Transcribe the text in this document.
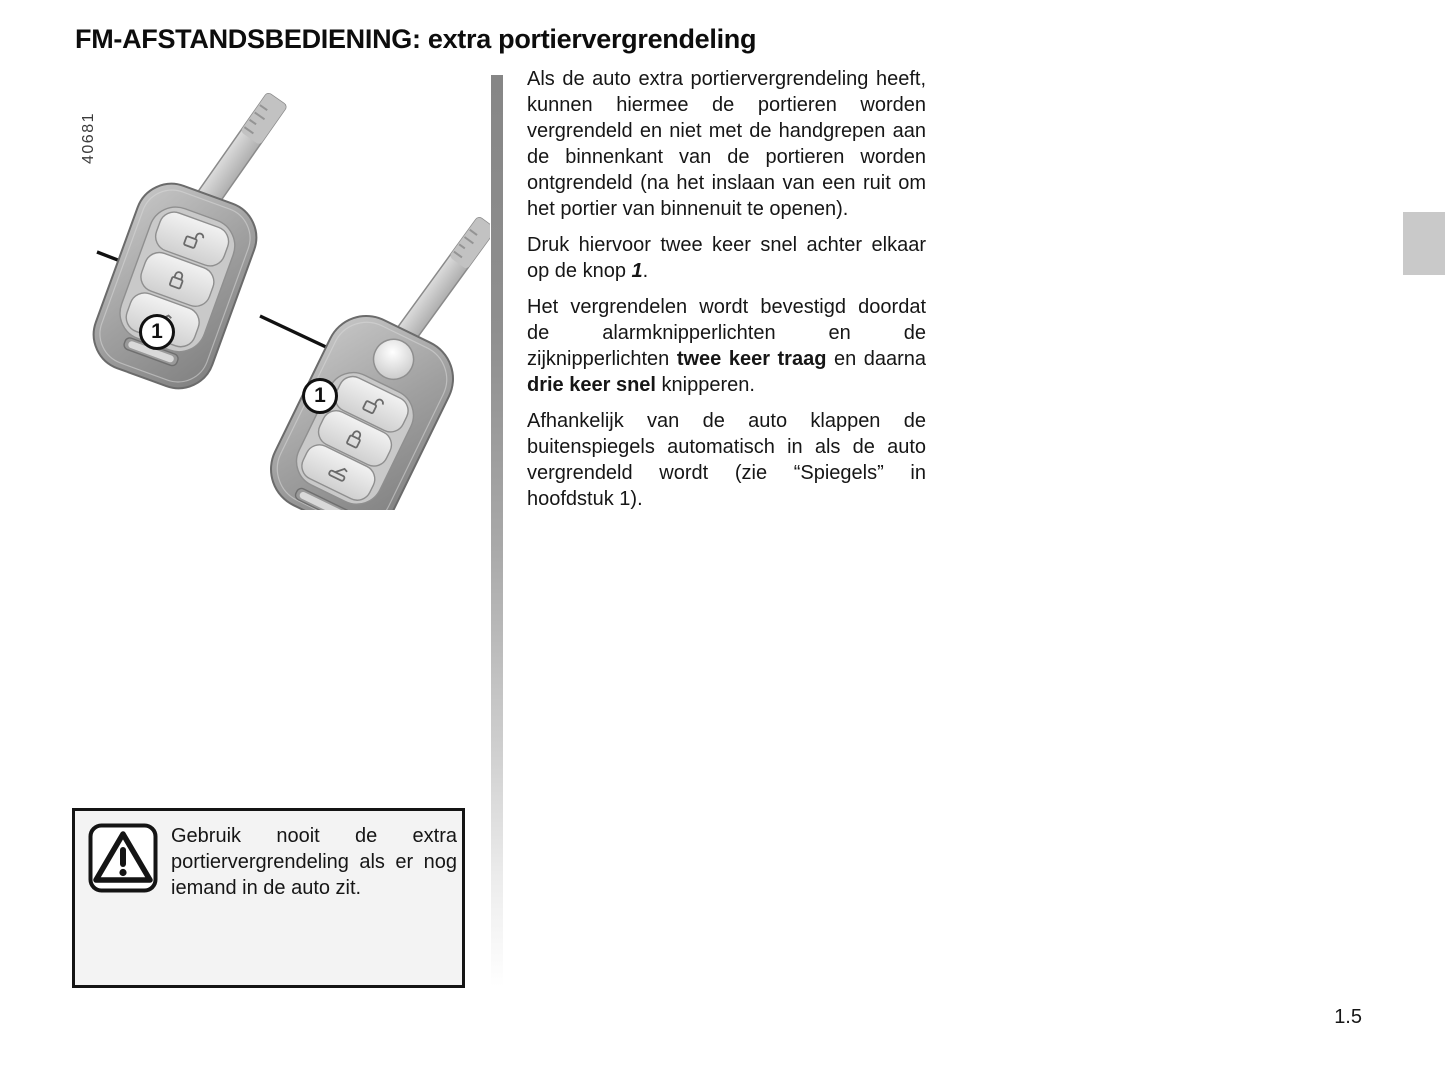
FM-AFSTANDSBEDIENING: extra portiervergrendeling
40681
1
1

Als de auto extra portiervergrendeling heeft, kunnen hiermee de portieren worden vergrendeld en niet met de handgrepen aan de binnenkant van de portieren worden ontgrendeld (na het inslaan van een ruit om het portier van binnenuit te openen).

Druk hiervoor twee keer snel achter elkaar op de knop 1.

Het vergrendelen wordt bevestigd doordat de alarmknipperlichten en de zijknipperlichten twee keer traag en daarna drie keer snel knipperen.

Afhankelijk van de auto klappen de buitenspiegels automatisch in als de auto vergrendeld wordt (zie “Spiegels” in hoofdstuk 1).

Gebruik nooit de extra portiervergrendeling als er nog iemand in de auto zit.

1.5
